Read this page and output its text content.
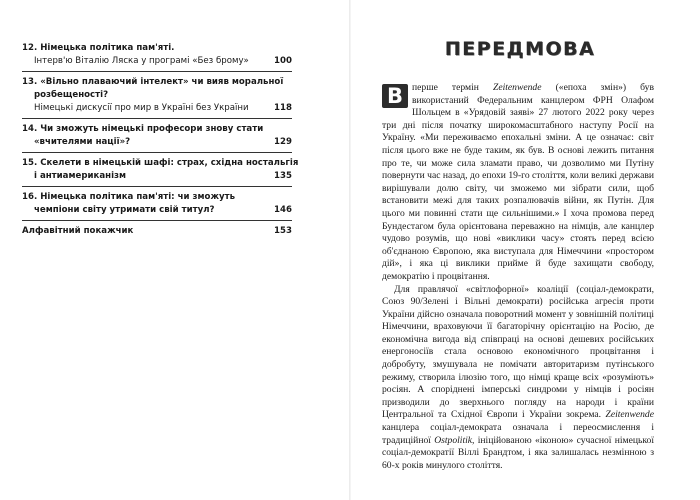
12. Німецька політика пам'яті.
Інтерв'ю Віталію Ляска у програмі «Без брому»	100
13. «Вільно плаваючий інтелект» чи вияв моральної
розбещеності?
Німецькі дискусії про мир в Україні без України	118
14. Чи зможуть німецькі професори знову стати
«вчителями нації»?	129
15. Скелети в німецькій шафі: страх, східна ностальгія
і антиамериканізм	135
16. Німецька політика пам'яті: чи зможуть
чемпіони світу утримати свій титул?	146
Алфавітний покажчик	153
ПЕРЕДМОВА

В перше термін Zeitenwende («епоха змін») був використаний Федеральним канцлером ФРН Олафом Шольцем в «Урядовій заяві» 27 лютого 2022 року через три дні після початку широкомасштабного наступу Росії на Україну. «Ми переживаємо епохальні зміни. А це означає: світ після цього вже не буде таким, як був. В основі лежить питання про те, чи може сила зламати право, чи дозволимо ми Путіну повернути час назад, до епохи 19-го століття, коли великі держави вирішували долю світу, чи зможемо ми зібрати сили, щоб встановити межі для таких розпалювачів війни, як Путін. Для цього ми повинні стати ще сильнішими.» І хоча промова перед Бундестагом була орієнтована переважно на німців, але канцлер чудово розумів, що нові «виклики часу» стоять перед всією об'єднаною Європою, яка виступала для Німеччини «простором дій», і яка ці виклики прийме й буде захищати свободу, демократію і процвітання.

Для правлячої «світлофорної» коаліції (соціал-демократи, Союз 90/Зелені і Вільні демократи) російська агресія проти України дійсно означала поворотний момент у зовнішній політиці Німеччини, враховуючи її багаторічну орієнтацію на Росію, де економічна вигода від співпраці на основі дешевих російських енергоносіїв стала основою економічного процвітання і добробуту, змушувала не помічати авторитаризм путінського режиму, створила ілюзію того, що німці краще всіх «розуміють» росіян. А споріднені імперські синдроми у німців і росіян призводили до зверхнього погляду на народи і країни Центральної та Східної Європи і України зокрема. Zeitenwende канцлера соціал-демократа означала і переосмислення і традиційної Ostpolitik, ініційованою «іконою» сучасної німецької соціал-демократії Віллі Брандтом, і яка залишалась незмінною з 60-х років минулого століття.
